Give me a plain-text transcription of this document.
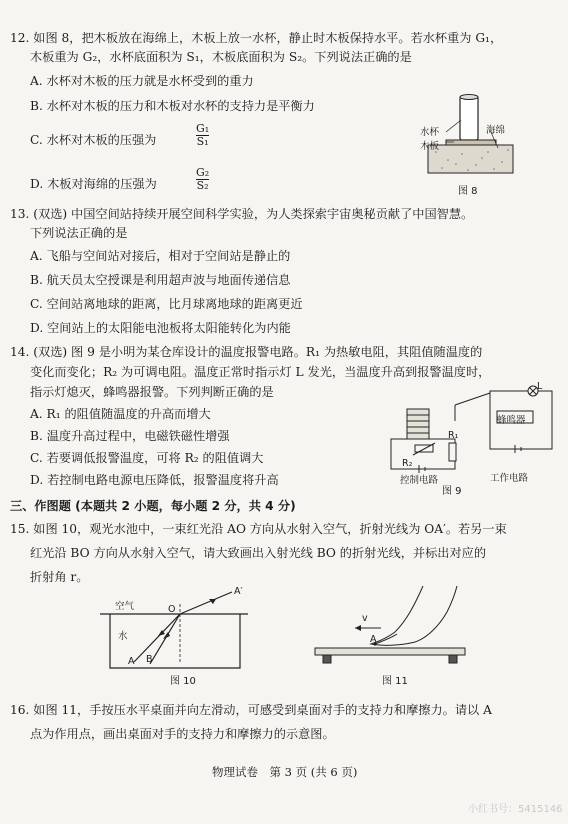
12. 如图 8，把木板放在海绵上，木板上放一水杯，静止时木板保持水平。若水杯重为 G₁，
木板重为 G₂，水杯底面积为 S₁，木板底面积为 S₂。下列说法正确的是
A. 水杯对木板的压力就是水杯受到的重力
B. 水杯对木板的压力和木板对水杯的支持力是平衡力
C. 水杯对木板的压强为	$\frac{\text{G₁}}{\text{S₁}}$
D. 木板对海绵的压强为	$\frac{\text{G₂}}{\text{S₂}}$
水杯
木板
海绵
图 8
13. (双选) 中国空间站持续开展空间科学实验，为人类探索宇宙奥秘贡献了中国智慧。
下列说法正确的是
A. 飞船与空间站对接后，相对于空间站是静止的
B. 航天员太空授课是利用超声波与地面传递信息
C. 空间站离地球的距离，比月球离地球的距离更近
D. 空间站上的太阳能电池板将太阳能转化为内能
14. (双选) 图 9 是小明为某仓库设计的温度报警电路。R₁ 为热敏电阻，其阻值随温度的
变化而变化；R₂ 为可调电阻。温度正常时指示灯 L 发光，当温度升高到报警温度时，
指示灯熄灭，蜂鸣器报警。下列判断正确的是
A. R₁ 的阻值随温度的升高而增大
B. 温度升高过程中，电磁铁磁性增强
C. 若要调低报警温度，可将 R₂ 的阻值调大
D. 若控制电路电源电压降低，报警温度将升高
L
蜂鸣器
R₁
R₂
控制电路	工作电路
图 9
三、作图题 (本题共 2 小题，每小题 2 分，共 4 分)
15. 如图 10，观光水池中，一束红光沿 AO 方向从水射入空气，折射光线为 OA′。若另一束
红光沿 BO 方向从水射入空气，请大致画出入射光线 BO 的折射光线，并标出对应的
折射角 r。
空气
水
O
A′
A B
图 10
v
A
图 11
16. 如图 11，手按压水平桌面并向左滑动，可感受到桌面对手的支持力和摩擦力。请以 A
点为作用点，画出桌面对手的支持力和摩擦力的示意图。
物理试卷　第 3 页 (共 6 页)
小红书号：5415146
